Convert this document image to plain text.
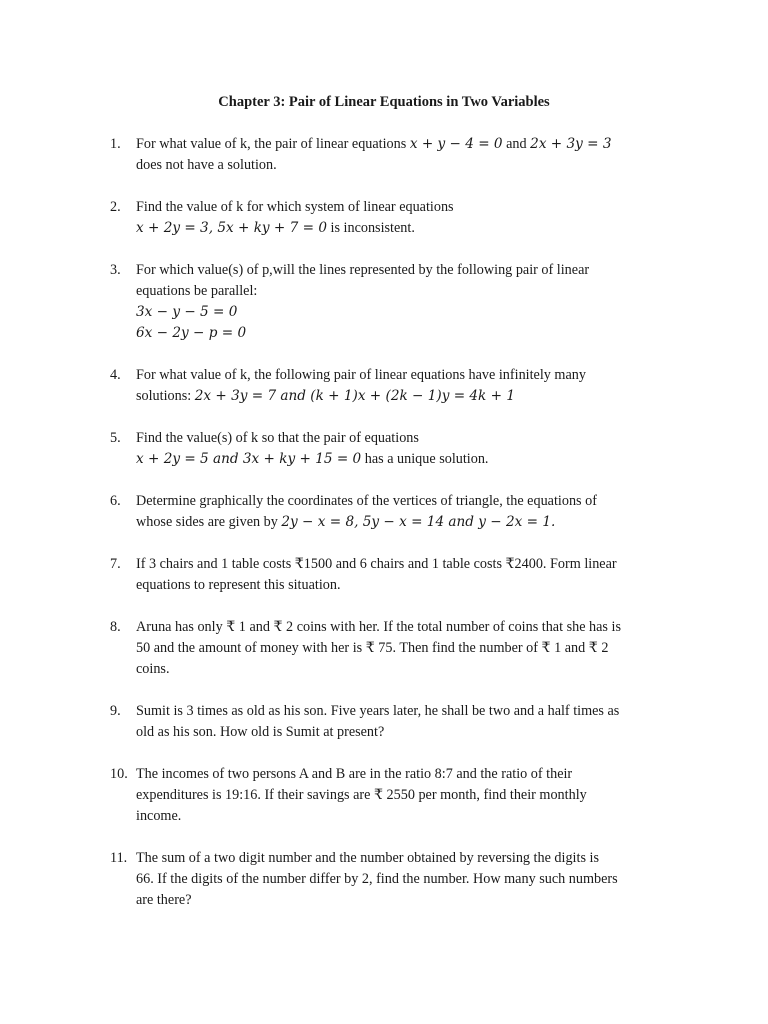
Chapter 3: Pair of Linear Equations in Two Variables
1.	For what value of k, the pair of linear equations x + y − 4 = 0 and 2x + 3y = 3
does not have a solution.
2.	Find the value of k for which system of linear equations
x + 2y = 3, 5x + ky + 7 = 0 is inconsistent.
3.	For which value(s) of p,will the lines represented by the following pair of linear
equations be parallel:
3x − y − 5 = 0
6x − 2y − p = 0
4.	For what value of k, the following pair of linear equations have infinitely many
solutions: 2x + 3y = 7 and (k + 1)x + (2k − 1)y = 4k + 1
5.	Find the value(s) of k so that the pair of equations
x + 2y = 5 and 3x + ky + 15 = 0 has a unique solution.
6.	Determine graphically the coordinates of the vertices of triangle, the equations of
whose sides are given by 2y − x = 8, 5y − x = 14 and y − 2x = 1.
7.	If 3 chairs and 1 table costs ₹1500 and 6 chairs and 1 table costs ₹2400. Form linear
equations to represent this situation.
8.	Aruna has only ₹ 1 and ₹ 2 coins with her. If the total number of coins that she has is
50 and the amount of money with her is ₹ 75. Then find the number of ₹ 1 and ₹ 2
coins.
9.	Sumit is 3 times as old as his son. Five years later, he shall be two and a half times as
old as his son. How old is Sumit at present?
10. The incomes of two persons A and B are in the ratio 8:7 and the ratio of their
expenditures is 19:16. If their savings are ₹ 2550 per month, find their monthly
income.
11. The sum of a two digit number and the number obtained by reversing the digits is
66. If the digits of the number differ by 2, find the number. How many such numbers
are there?
